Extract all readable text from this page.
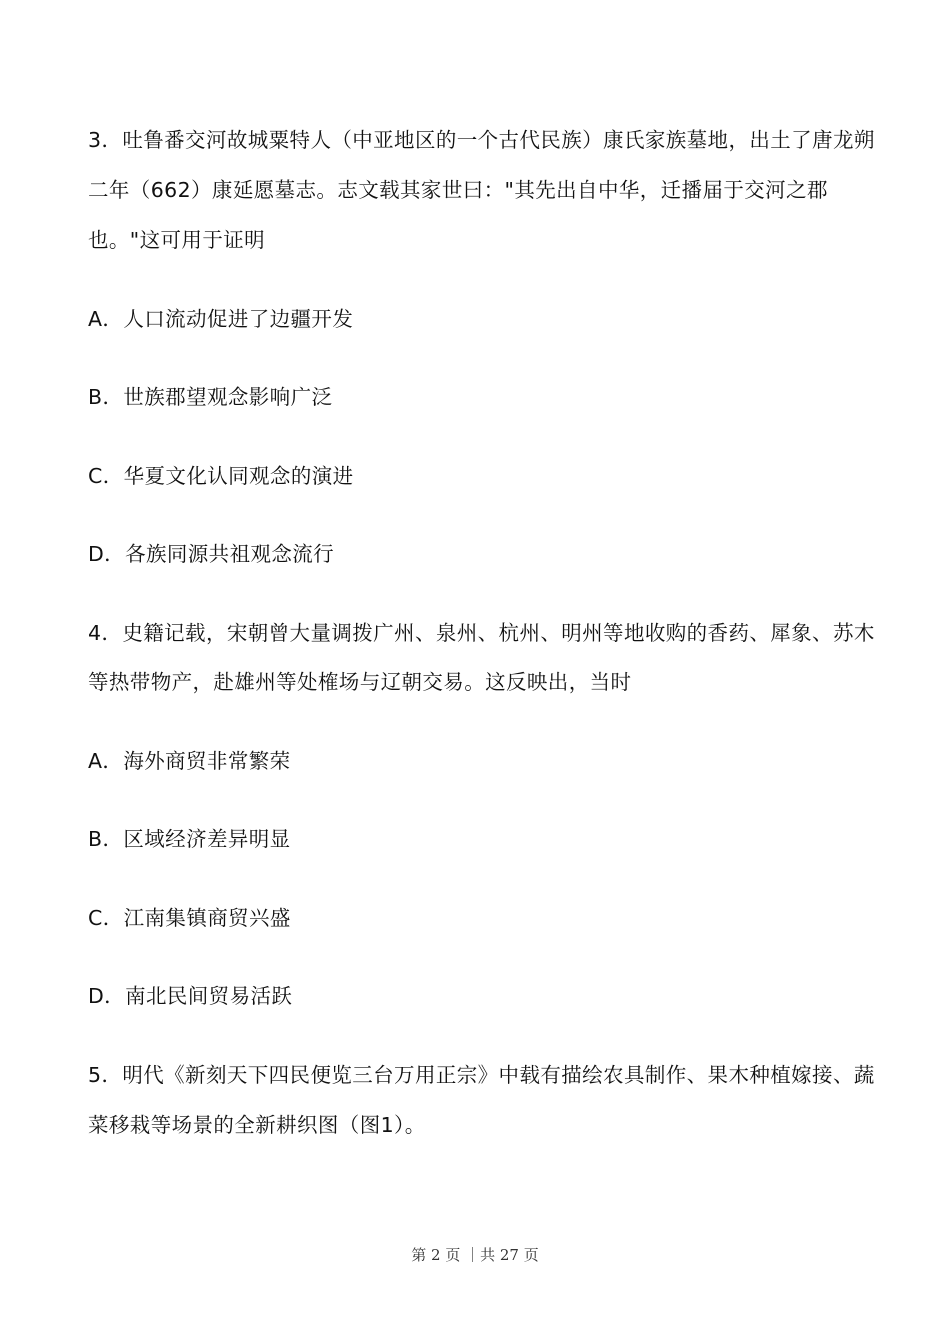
3．吐鲁番交河故城粟特人（中亚地区的一个古代民族）康氏家族墓地，出土了唐龙朔
二年（662）康延愿墓志。志文载其家世曰："其先出自中华，迁播届于交河之郡
也。"这可用于证明
A．人口流动促进了边疆开发
B．世族郡望观念影响广泛
C．华夏文化认同观念的演进
D．各族同源共祖观念流行
4．史籍记载，宋朝曾大量调拨广州、泉州、杭州、明州等地收购的香药、犀象、苏木
等热带物产，赴雄州等处榷场与辽朝交易。这反映出，当时
A．海外商贸非常繁荣
B．区域经济差异明显
C．江南集镇商贸兴盛
D．南北民间贸易活跃
5．明代《新刻天下四民便览三台万用正宗》中载有描绘农具制作、果木种植嫁接、蔬
菜移栽等场景的全新耕织图（图1）。
第 2 页 ｜共 27 页
